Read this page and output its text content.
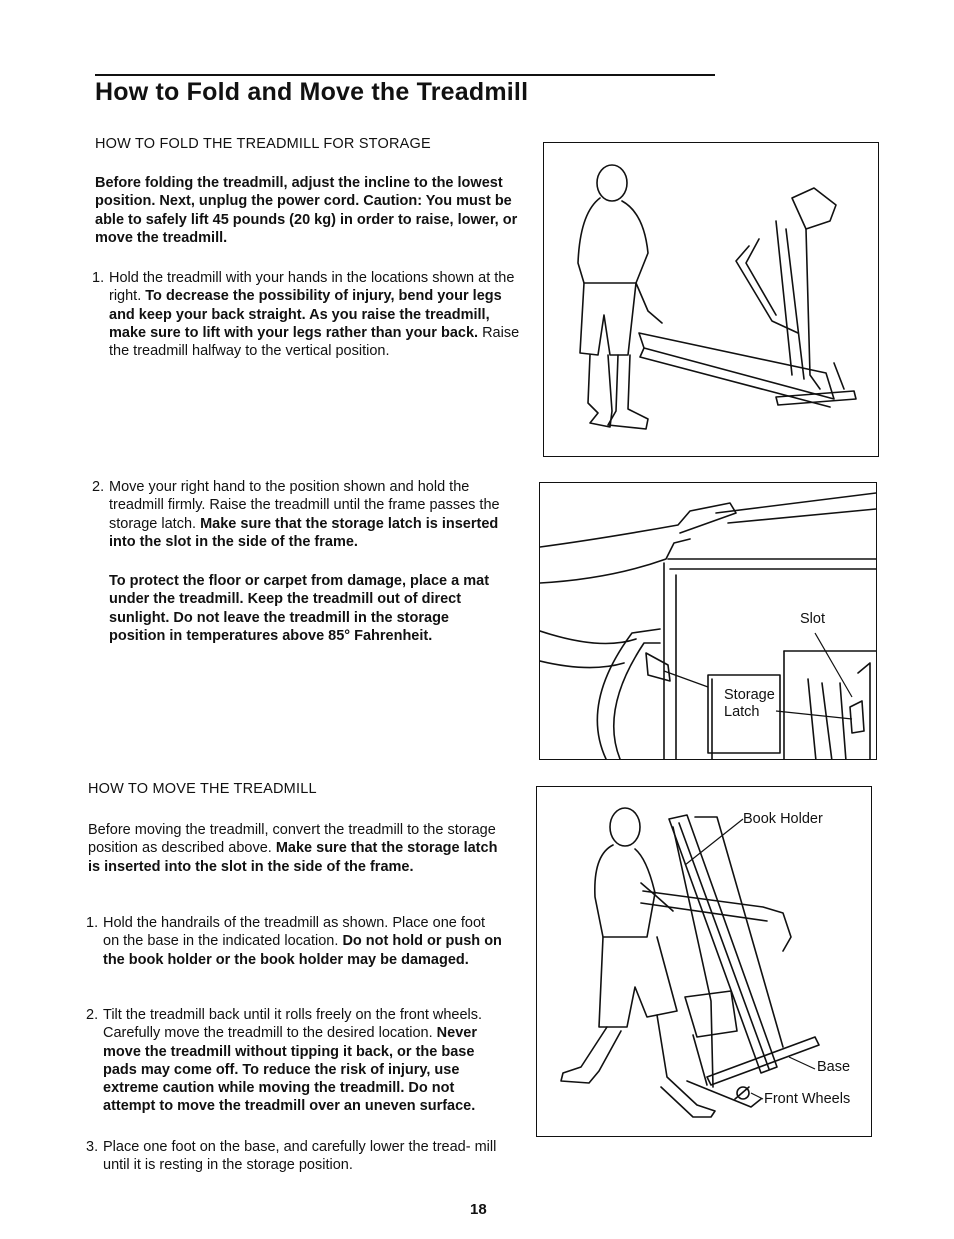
How to Fold and Move the Treadmill
HOW TO FOLD THE TREADMILL FOR STORAGE
Before folding the treadmill, adjust the incline to the lowest position. Next, unplug the power cord. Caution: You must be able to safely lift 45 pounds (20 kg) in order to raise, lower, or move the treadmill.
1. Hold the treadmill with your hands in the locations shown at the right. To decrease the possibility of injury, bend your legs and keep your back straight. As you raise the treadmill, make sure to lift with your legs rather than your back. Raise the treadmill halfway to the vertical position.
2. Move your right hand to the position shown and hold the treadmill firmly. Raise the treadmill until the frame passes the storage latch. Make sure that the storage latch is inserted into the slot in the side of the frame.
To protect the floor or carpet from damage, place a mat under the treadmill. Keep the treadmill out of direct sunlight. Do not leave the treadmill in the storage position in temperatures above 85° Fahrenheit.
HOW TO MOVE THE TREADMILL
Before moving the treadmill, convert the treadmill to the storage position as described above. Make sure that the storage latch is inserted into the slot in the side of the frame.
1. Hold the handrails of the treadmill as shown. Place one foot on the base in the indicated location. Do not hold or push on the book holder or the book holder may be damaged.
2. Tilt the treadmill back until it rolls freely on the front wheels. Carefully move the treadmill to the desired location. Never move the treadmill without tipping it back, or the base pads may come off. To reduce the risk of injury, use extreme caution while moving the treadmill. Do not attempt to move the treadmill over an uneven surface.
3. Place one foot on the base, and carefully lower the tread- mill until it is resting in the storage position.
Slot
Storage
Latch
Book Holder
Base
Front Wheels
18
